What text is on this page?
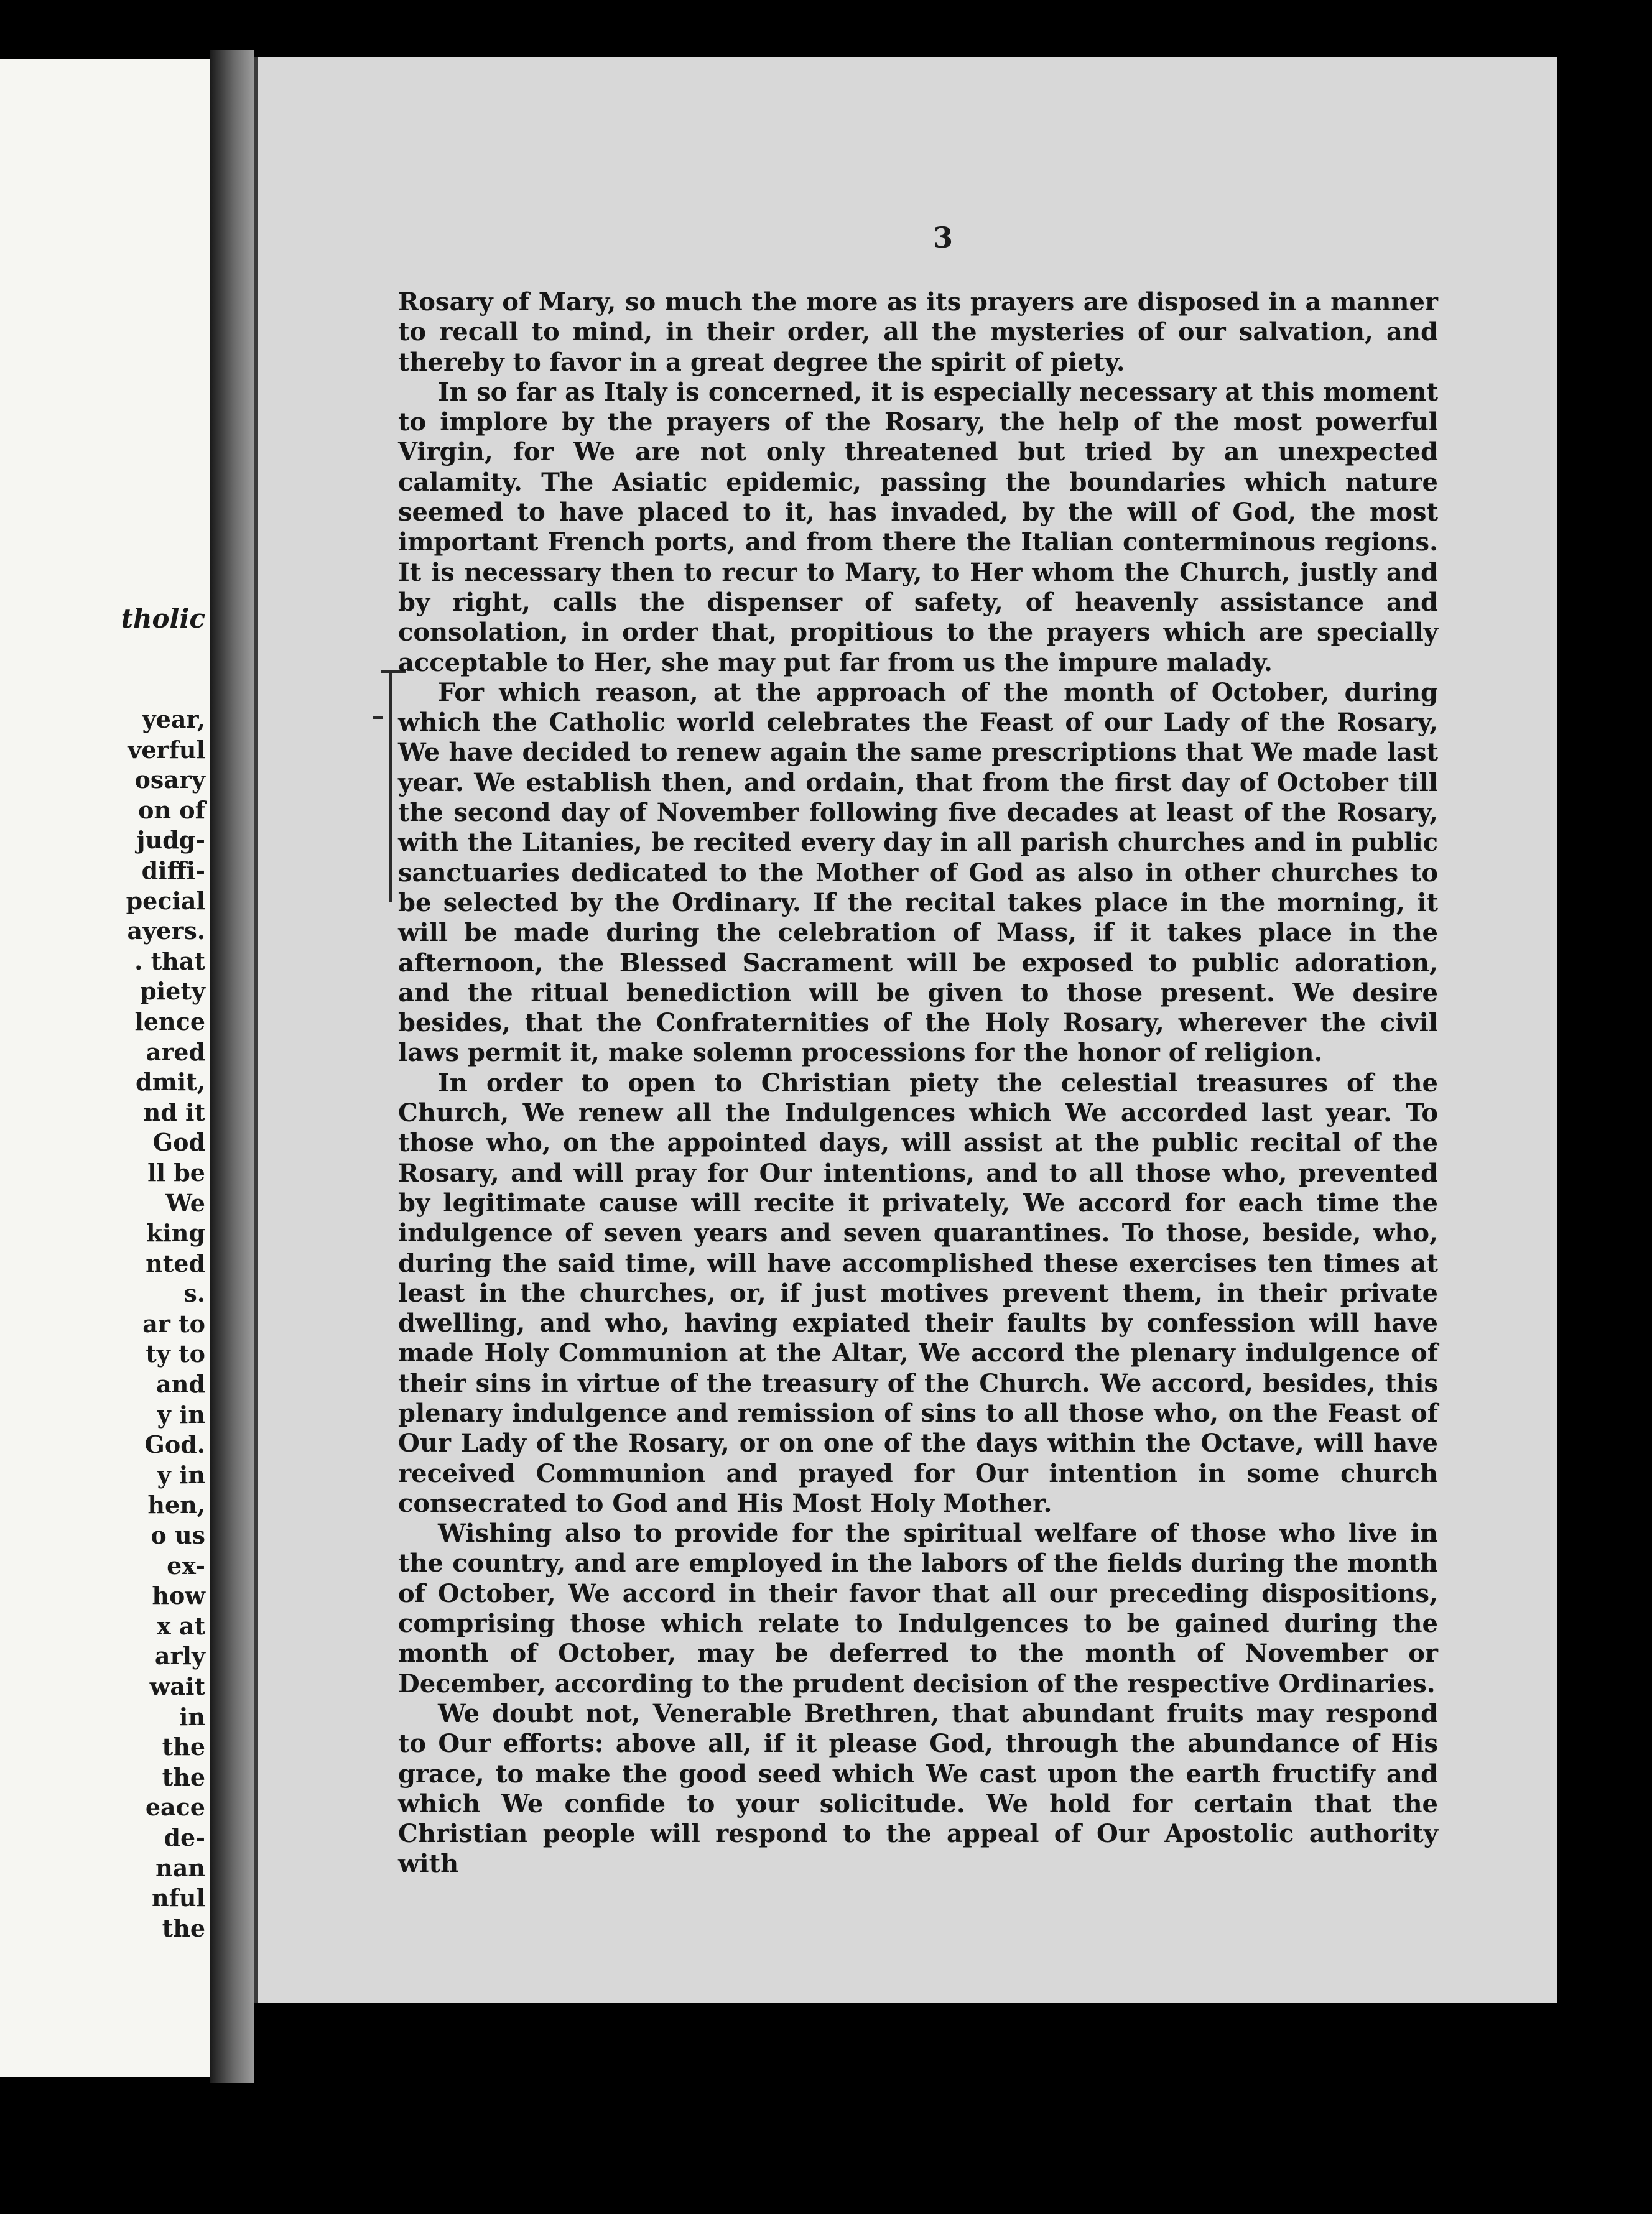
tholic
year,
verful
osary
on of
judg-
diffi-
pecial
ayers.
. that
piety
lence
ared
dmit,
nd it
God
ll be
We
king
nted
s.
ar to
ty to
and
y in
God.
y in
hen,
o us
ex-
how
x at
arly
wait
in
the
the
eace
de-
nan
nful
the
3

Rosary of Mary, so much the more as its prayers are disposed in a manner to recall to mind, in their order, all the mysteries of our salvation, and thereby to favor in a great degree the spirit of piety.

In so far as Italy is concerned, it is especially necessary at this moment to implore by the prayers of the Rosary, the help of the most powerful Virgin, for We are not only threatened but tried by an unexpected calamity. The Asiatic epidemic, passing the boundaries which nature seemed to have placed to it, has invaded, by the will of God, the most important French ports, and from there the Italian conterminous regions. It is necessary then to recur to Mary, to Her whom the Church, justly and by right, calls the dispenser of safety, of heavenly assistance and consolation, in order that, propitious to the prayers which are specially acceptable to Her, she may put far from us the impure malady.

For which reason, at the approach of the month of October, during which the Catholic world celebrates the Feast of our Lady of the Rosary, We have decided to renew again the same prescriptions that We made last year. We establish then, and ordain, that from the first day of October till the second day of November following five decades at least of the Rosary, with the Litanies, be recited every day in all parish churches and in public sanctuaries dedicated to the Mother of God as also in other churches to be selected by the Ordinary. If the recital takes place in the morning, it will be made during the celebration of Mass, if it takes place in the afternoon, the Blessed Sacrament will be exposed to public adoration, and the ritual benediction will be given to those present. We desire besides, that the Confraternities of the Holy Rosary, wherever the civil laws permit it, make solemn processions for the honor of religion.

In order to open to Christian piety the celestial treasures of the Church, We renew all the Indulgences which We accorded last year. To those who, on the appointed days, will assist at the public recital of the Rosary, and will pray for Our intentions, and to all those who, prevented by legitimate cause will recite it privately, We accord for each time the indulgence of seven years and seven quarantines. To those, beside, who, during the said time, will have accomplished these exercises ten times at least in the churches, or, if just motives prevent them, in their private dwelling, and who, having expiated their faults by confession will have made Holy Communion at the Altar, We accord the plenary indulgence of their sins in virtue of the treasury of the Church. We accord, besides, this plenary indulgence and remission of sins to all those who, on the Feast of Our Lady of the Rosary, or on one of the days within the Octave, will have received Communion and prayed for Our intention in some church consecrated to God and His Most Holy Mother.

Wishing also to provide for the spiritual welfare of those who live in the country, and are employed in the labors of the fields during the month of October, We accord in their favor that all our preceding dispositions, comprising those which relate to Indulgences to be gained during the month of October, may be deferred to the month of November or December, according to the prudent decision of the respective Ordinaries.

We doubt not, Venerable Brethren, that abundant fruits may respond to Our efforts: above all, if it please God, through the abundance of His grace, to make the good seed which We cast upon the earth fructify and which We confide to your solicitude. We hold for certain that the Christian people will respond to the appeal of Our Apostolic authority with
